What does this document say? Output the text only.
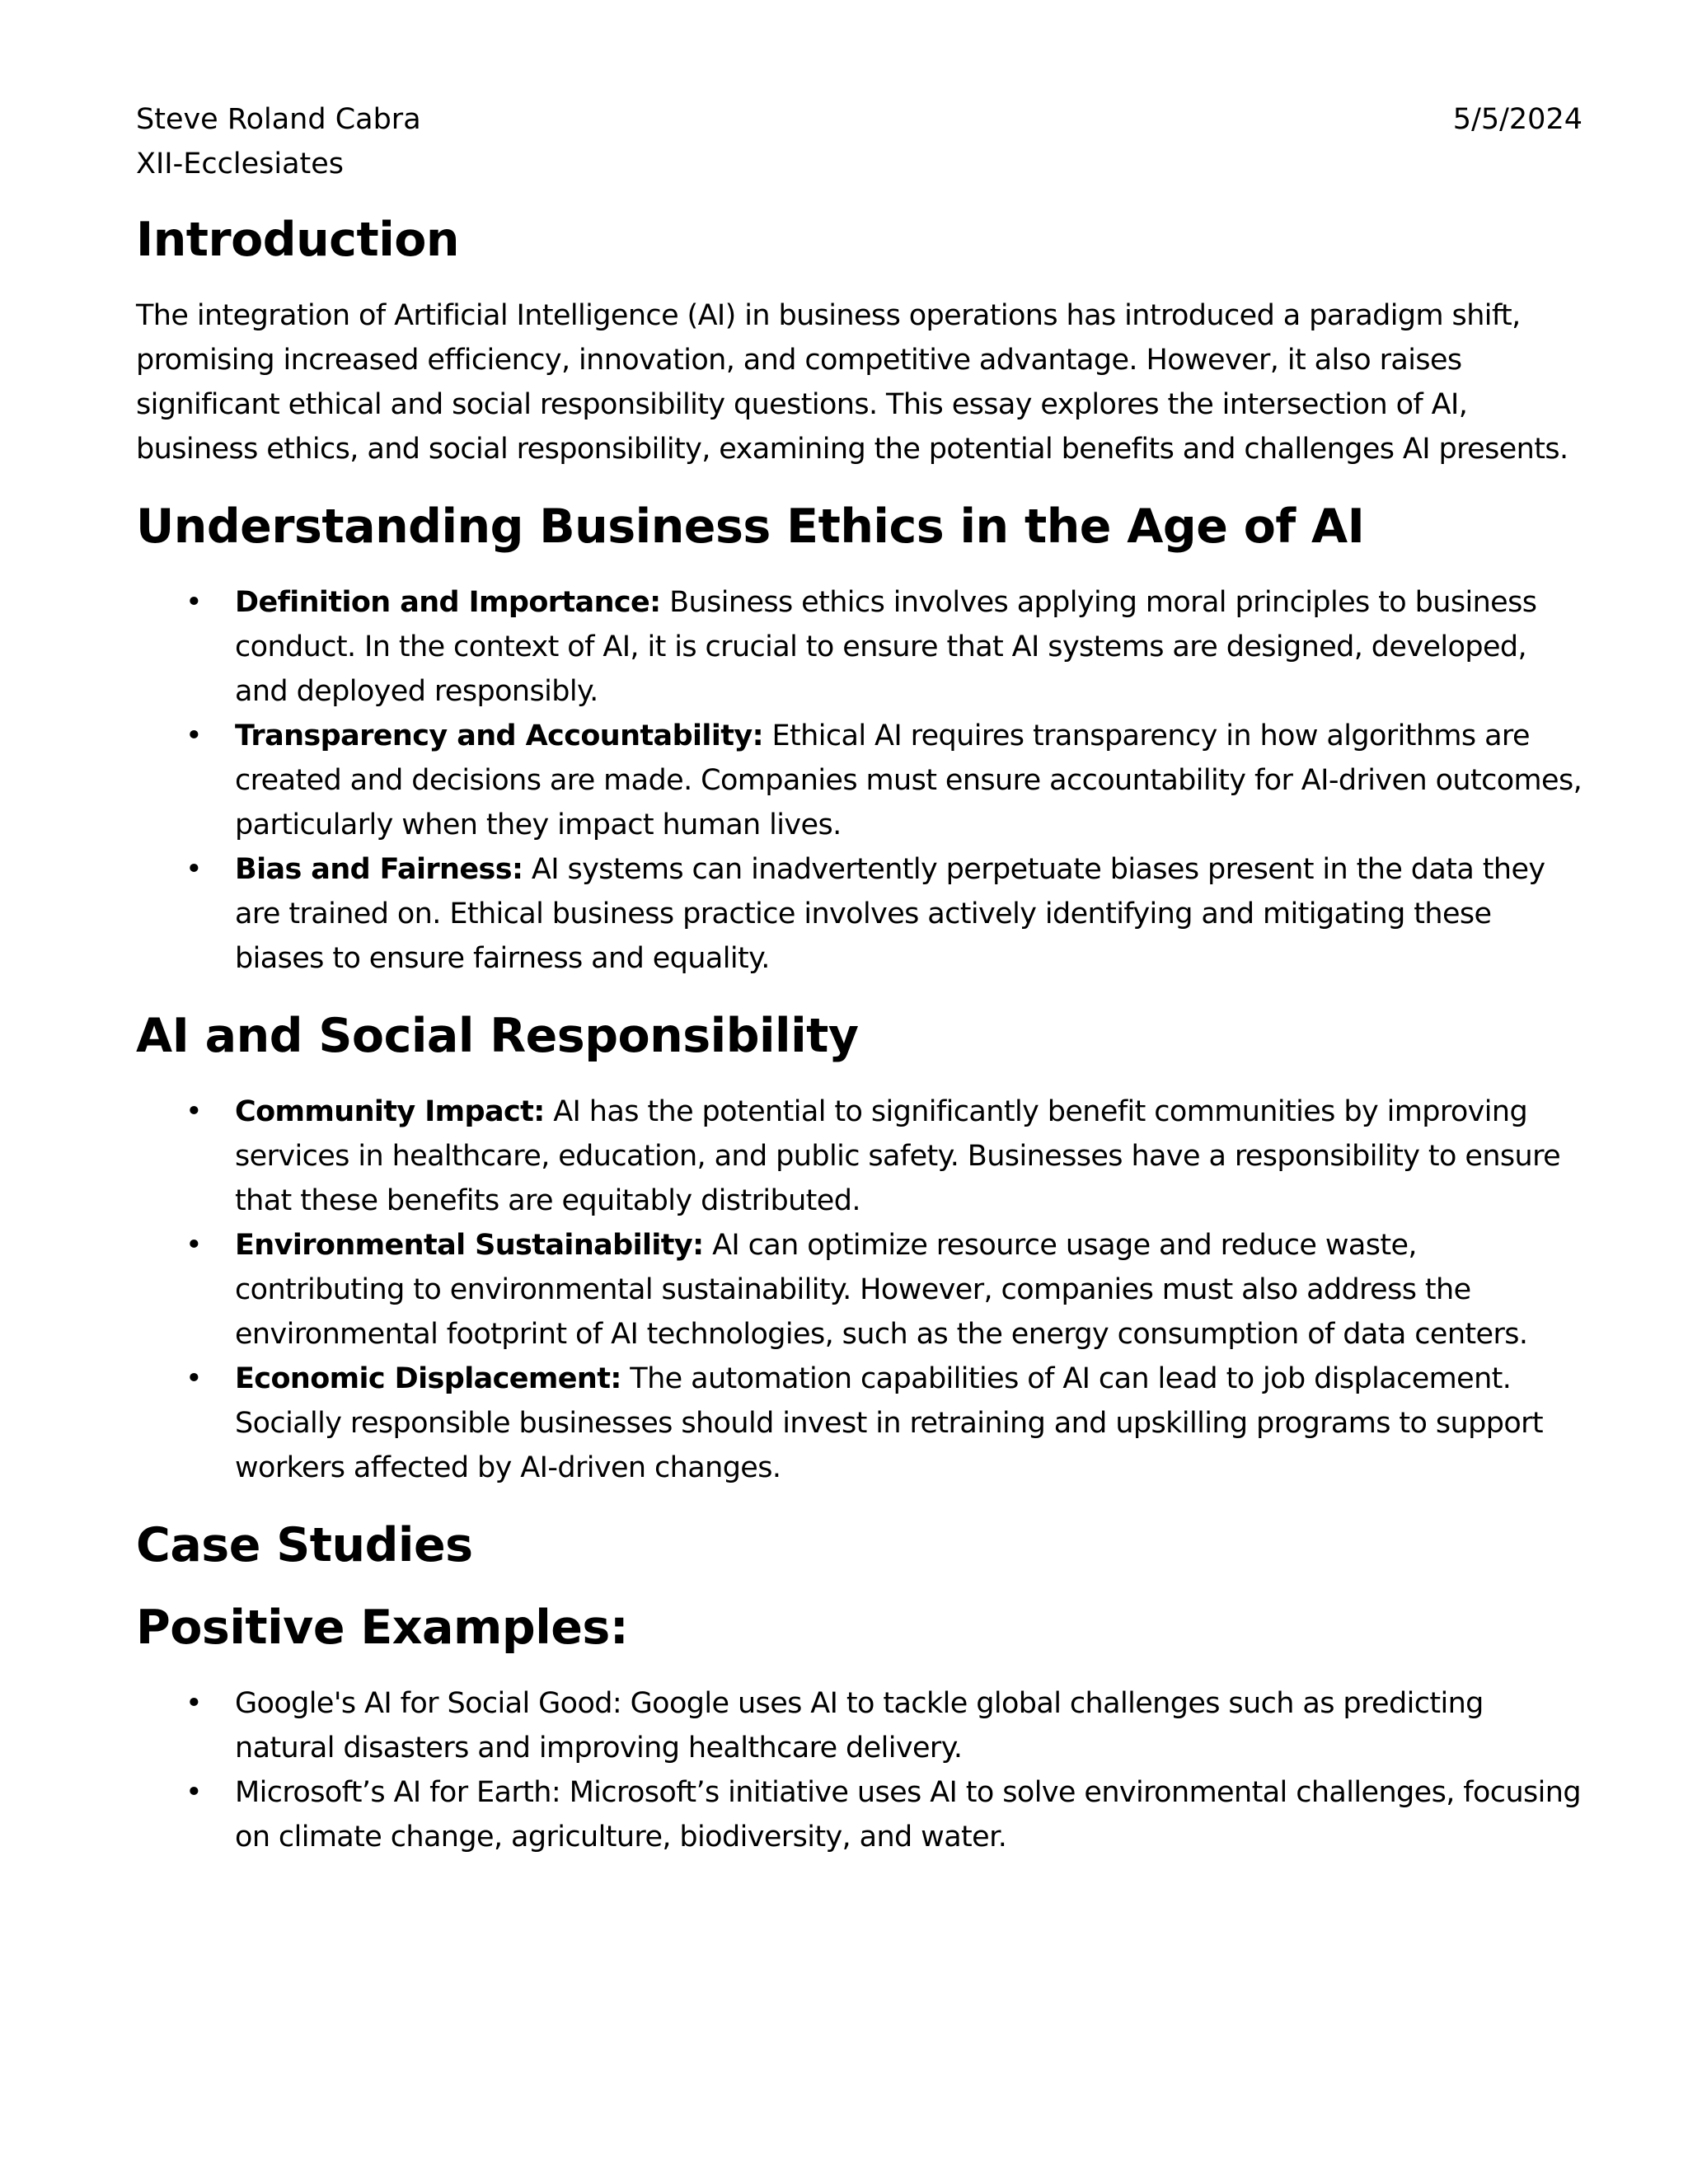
Steve Roland Cabra
XII-Ecclesiates
5/5/2024
Introduction

The integration of Artificial Intelligence (AI) in business operations has introduced a paradigm shift, promising increased efficiency, innovation, and competitive advantage. However, it also raises significant ethical and social responsibility questions. This essay explores the intersection of AI, business ethics, and social responsibility, examining the potential benefits and challenges AI presents.

Understanding Business Ethics in the Age of AI
• Definition and Importance: Business ethics involves applying moral principles to business conduct. In the context of AI, it is crucial to ensure that AI systems are designed, developed, and deployed responsibly.
• Transparency and Accountability: Ethical AI requires transparency in how algorithms are created and decisions are made. Companies must ensure accountability for AI-driven outcomes, particularly when they impact human lives.
• Bias and Fairness: AI systems can inadvertently perpetuate biases present in the data they are trained on. Ethical business practice involves actively identifying and mitigating these biases to ensure fairness and equality.
AI and Social Responsibility
• Community Impact: AI has the potential to significantly benefit communities by improving services in healthcare, education, and public safety. Businesses have a responsibility to ensure that these benefits are equitably distributed.
• Environmental Sustainability: AI can optimize resource usage and reduce waste, contributing to environmental sustainability. However, companies must also address the environmental footprint of AI technologies, such as the energy consumption of data centers.
• Economic Displacement: The automation capabilities of AI can lead to job displacement. Socially responsible businesses should invest in retraining and upskilling programs to support workers affected by AI-driven changes.
Case Studies
Positive Examples:
• Google's AI for Social Good: Google uses AI to tackle global challenges such as predicting natural disasters and improving healthcare delivery.
• Microsoft’s AI for Earth: Microsoft’s initiative uses AI to solve environmental challenges, focusing on climate change, agriculture, biodiversity, and water.
